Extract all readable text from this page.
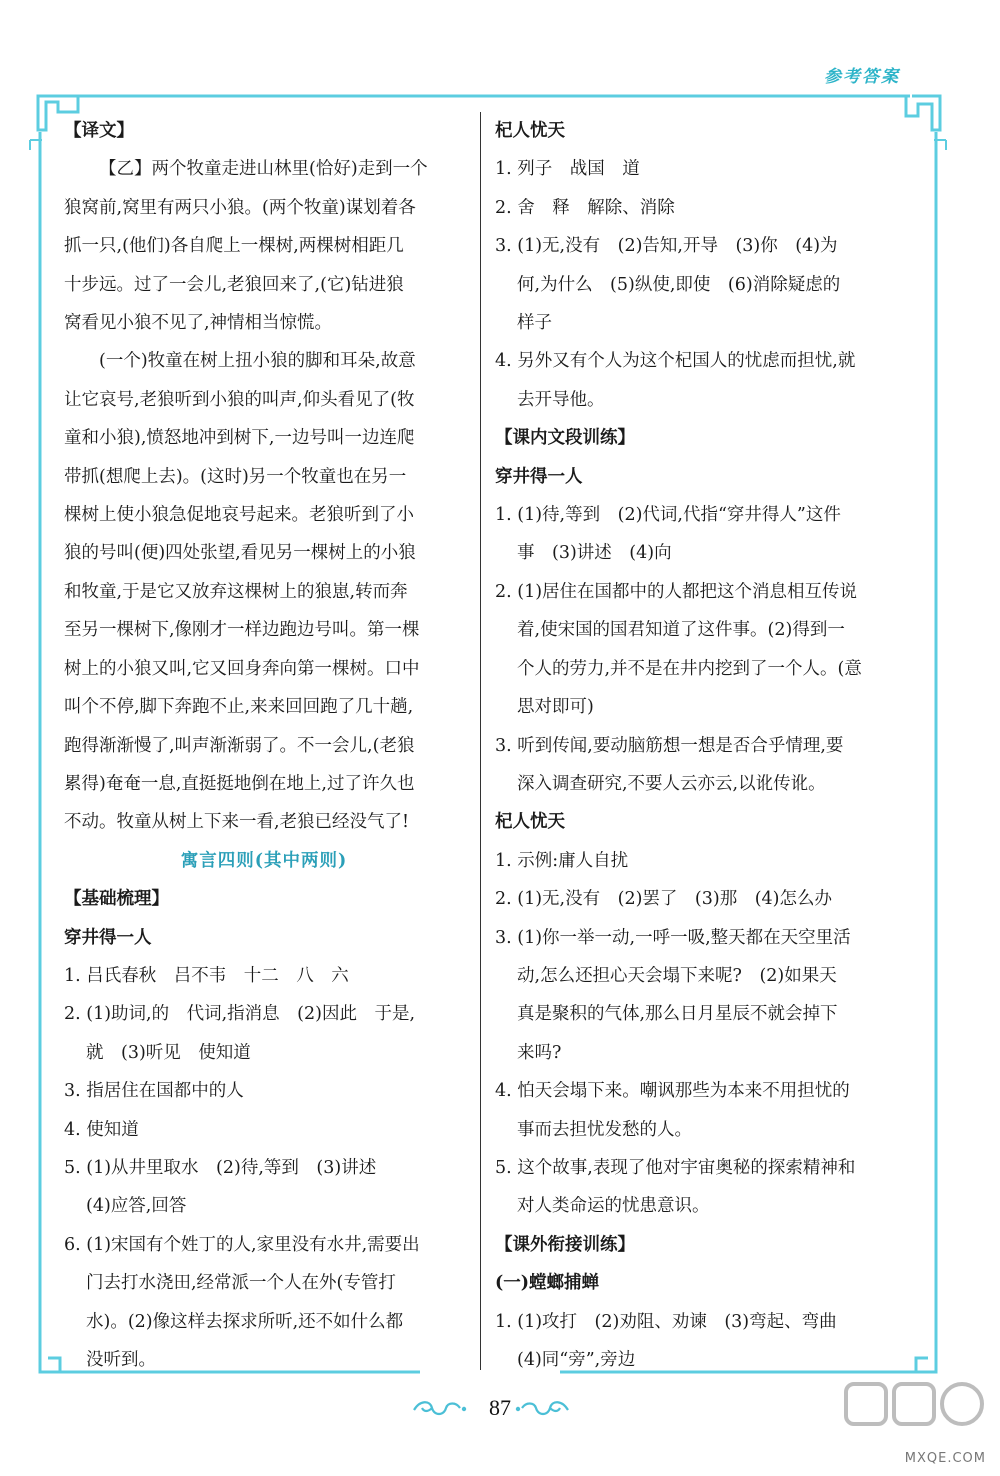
参考答案
【译文】
【乙】两个牧童走进山林里(恰好)走到一个
狼窝前,窝里有两只小狼。(两个牧童)谋划着各
抓一只,(他们)各自爬上一棵树,两棵树相距几
十步远。过了一会儿,老狼回来了,(它)钻进狼
窝看见小狼不见了,神情相当惊慌。
(一个)牧童在树上扭小狼的脚和耳朵,故意
让它哀号,老狼听到小狼的叫声,仰头看见了(牧
童和小狼),愤怒地冲到树下,一边号叫一边连爬
带抓(想爬上去)。(这时)另一个牧童也在另一
棵树上使小狼急促地哀号起来。老狼听到了小
狼的号叫(便)四处张望,看见另一棵树上的小狼
和牧童,于是它又放弃这棵树上的狼崽,转而奔
至另一棵树下,像刚才一样边跑边号叫。第一棵
树上的小狼又叫,它又回身奔向第一棵树。口中
叫个不停,脚下奔跑不止,来来回回跑了几十趟,
跑得渐渐慢了,叫声渐渐弱了。不一会儿,(老狼
累得)奄奄一息,直挺挺地倒在地上,过了许久也
不动。牧童从树上下来一看,老狼已经没气了!
寓言四则(其中两则)
【基础梳理】
穿井得一人
1. 吕氏春秋　吕不韦　十二　八　六
2. (1)助词,的　代词,指消息　(2)因此　于是,
就　(3)听见　使知道
3. 指居住在国都中的人
4. 使知道
5. (1)从井里取水　(2)待,等到　(3)讲述
(4)应答,回答
6. (1)宋国有个姓丁的人,家里没有水井,需要出
门去打水浇田,经常派一个人在外(专管打
水)。(2)像这样去探求所听,还不如什么都
没听到。
杞人忧天
1. 列子　战国　道
2. 舍　释　解除、消除
3. (1)无,没有　(2)告知,开导　(3)你　(4)为
何,为什么　(5)纵使,即使　(6)消除疑虑的
样子
4. 另外又有个人为这个杞国人的忧虑而担忧,就
去开导他。
【课内文段训练】
穿井得一人
1. (1)待,等到　(2)代词,代指“穿井得人”这件
事　(3)讲述　(4)向
2. (1)居住在国都中的人都把这个消息相互传说
着,使宋国的国君知道了这件事。(2)得到一
个人的劳力,并不是在井内挖到了一个人。(意
思对即可)
3. 听到传闻,要动脑筋想一想是否合乎情理,要
深入调查研究,不要人云亦云,以讹传讹。
杞人忧天
1. 示例:庸人自扰
2. (1)无,没有　(2)罢了　(3)那　(4)怎么办
3. (1)你一举一动,一呼一吸,整天都在天空里活
动,怎么还担心天会塌下来呢?　(2)如果天
真是聚积的气体,那么日月星辰不就会掉下
来吗?
4. 怕天会塌下来。嘲讽那些为本来不用担忧的
事而去担忧发愁的人。
5. 这个故事,表现了他对宇宙奥秘的探索精神和
对人类命运的忧患意识。
【课外衔接训练】
(一)螳螂捕蝉
1. (1)攻打　(2)劝阻、劝谏　(3)弯起、弯曲
(4)同“旁”,旁边
87
MXQE.COM
